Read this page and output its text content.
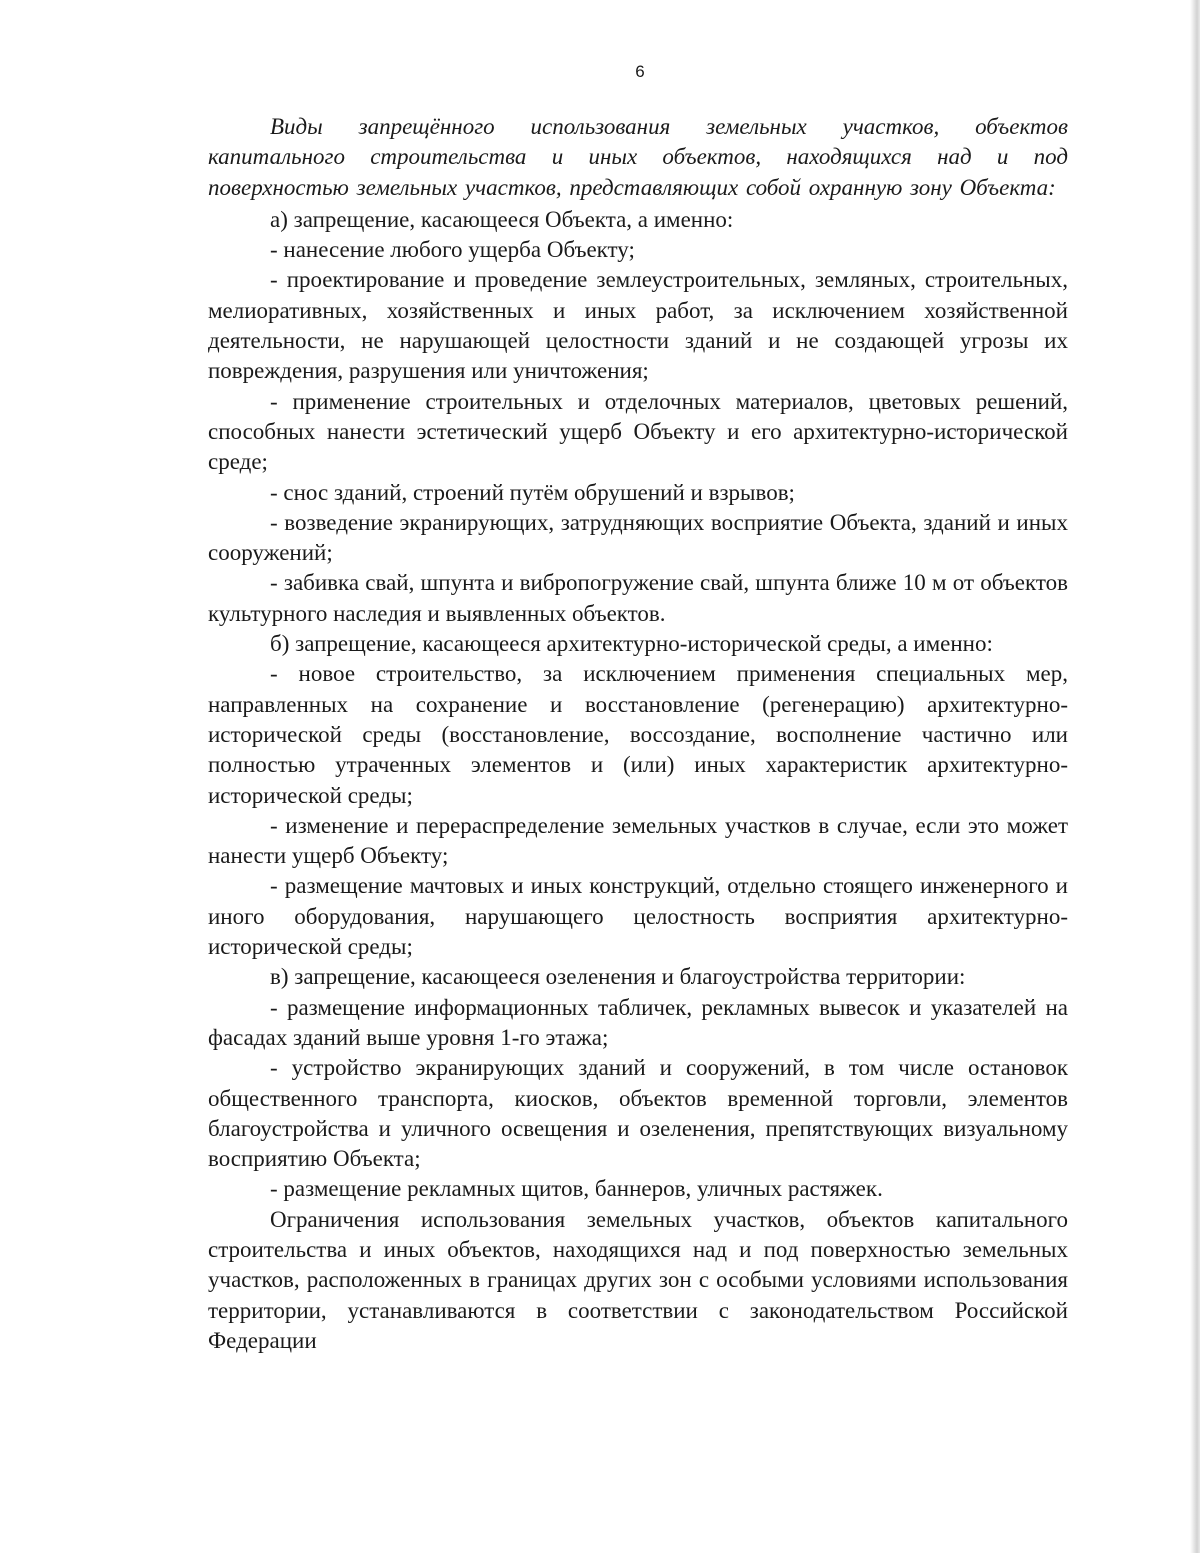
6

Виды запрещённого использования земельных участков, объектов капитального строительства и иных объектов, находящихся над и под поверхностью земельных участков, представляющих собой охранную зону Объекта:

а) запрещение, касающееся Объекта, а именно:

- нанесение любого ущерба Объекту;

- проектирование и проведение землеустроительных, земляных, строительных, мелиоративных, хозяйственных и иных работ, за исключением хозяйственной деятельности, не нарушающей целостности зданий и не создающей угрозы их повреждения, разрушения или уничтожения;

- применение строительных и отделочных материалов, цветовых решений, способных нанести эстетический ущерб Объекту и его архитектурно-исторической среде;

- снос зданий, строений путём обрушений и взрывов;

- возведение экранирующих, затрудняющих восприятие Объекта, зданий и иных сооружений;

- забивка свай, шпунта и вибропогружение свай, шпунта ближе 10 м от объектов культурного наследия и выявленных объектов.

б) запрещение, касающееся архитектурно-исторической среды, а именно:

- новое строительство, за исключением применения специальных мер, направленных на сохранение и восстановление (регенерацию) архитектурно-исторической среды (восстановление, воссоздание, восполнение частично или полностью утраченных элементов и (или) иных характеристик архитектурно-исторической среды;

- изменение и перераспределение земельных участков в случае, если это может нанести ущерб Объекту;

- размещение мачтовых и иных конструкций, отдельно стоящего инженерного и иного оборудования, нарушающего целостность восприятия архитектурно-исторической среды;

в) запрещение, касающееся озеленения и благоустройства территории:

- размещение информационных табличек, рекламных вывесок и указателей на фасадах зданий выше уровня 1-го этажа;

- устройство экранирующих зданий и сооружений, в том числе остановок общественного транспорта, киосков, объектов временной торговли, элементов благоустройства и уличного освещения и озеленения, препятствующих визуальному восприятию Объекта;

- размещение рекламных щитов, баннеров, уличных растяжек.

Ограничения использования земельных участков, объектов капитального строительства и иных объектов, находящихся над и под поверхностью земельных участков, расположенных в границах других зон с особыми условиями использования территории, устанавливаются в соответствии с законодательством Российской Федерации
